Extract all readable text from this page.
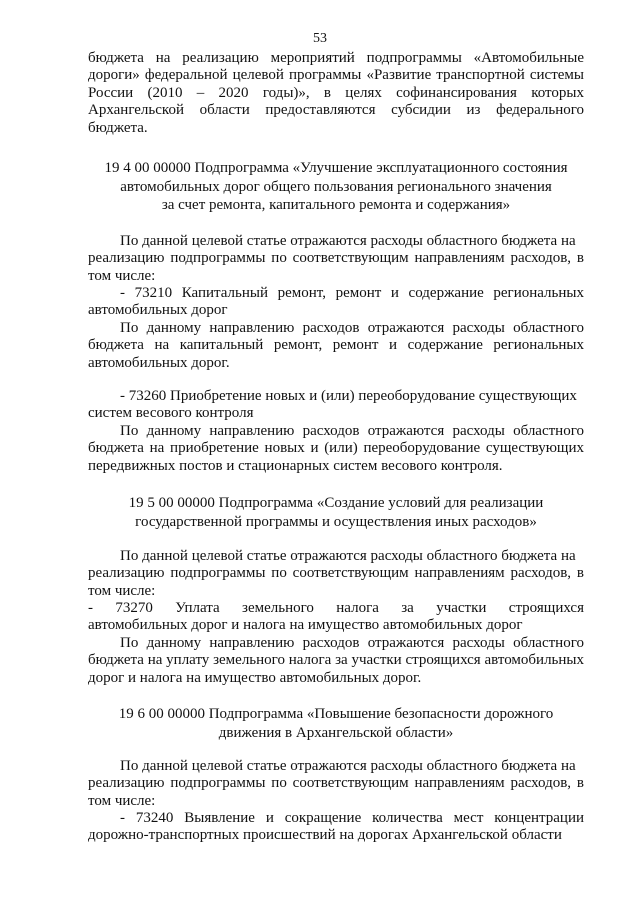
53
бюджета на реализацию мероприятий подпрограммы «Автомобильные
дороги» федеральной целевой программы «Развитие транспортной системы
России (2010 – 2020 годы)», в целях софинансирования которых
Архангельской области предоставляются субсидии из федерального
бюджета.
19 4 00 00000 Подпрограмма «Улучшение эксплуатационного состояния
автомобильных дорог общего пользования регионального значения
за счет ремонта, капитального ремонта и содержания»
По данной целевой статье отражаются расходы областного бюджета на
реализацию подпрограммы по соответствующим направлениям расходов, в
том числе:
- 73210 Капитальный ремонт, ремонт и содержание региональных
автомобильных дорог
По данному направлению расходов отражаются расходы областного
бюджета на капитальный ремонт, ремонт и содержание региональных
автомобильных дорог.
- 73260 Приобретение новых и (или) переоборудование существующих
систем весового контроля
По данному направлению расходов отражаются расходы областного
бюджета на приобретение новых и (или) переоборудование существующих
передвижных постов и стационарных систем весового контроля.
19 5 00 00000 Подпрограмма «Создание условий для реализации
государственной программы и осуществления иных расходов»
По данной целевой статье отражаются расходы областного бюджета на
реализацию подпрограммы по соответствующим направлениям расходов, в
том числе:
- 73270 Уплата земельного налога за участки строящихся
автомобильных дорог и налога на имущество автомобильных дорог
По данному направлению расходов отражаются расходы областного
бюджета на уплату земельного налога за участки строящихся автомобильных
дорог и налога на имущество автомобильных дорог.
19 6 00 00000 Подпрограмма «Повышение безопасности дорожного
движения в Архангельской области»
По данной целевой статье отражаются расходы областного бюджета на
реализацию подпрограммы по соответствующим направлениям расходов, в
том числе:
- 73240 Выявление и сокращение количества мест концентрации
дорожно-транспортных происшествий на дорогах Архангельской области
